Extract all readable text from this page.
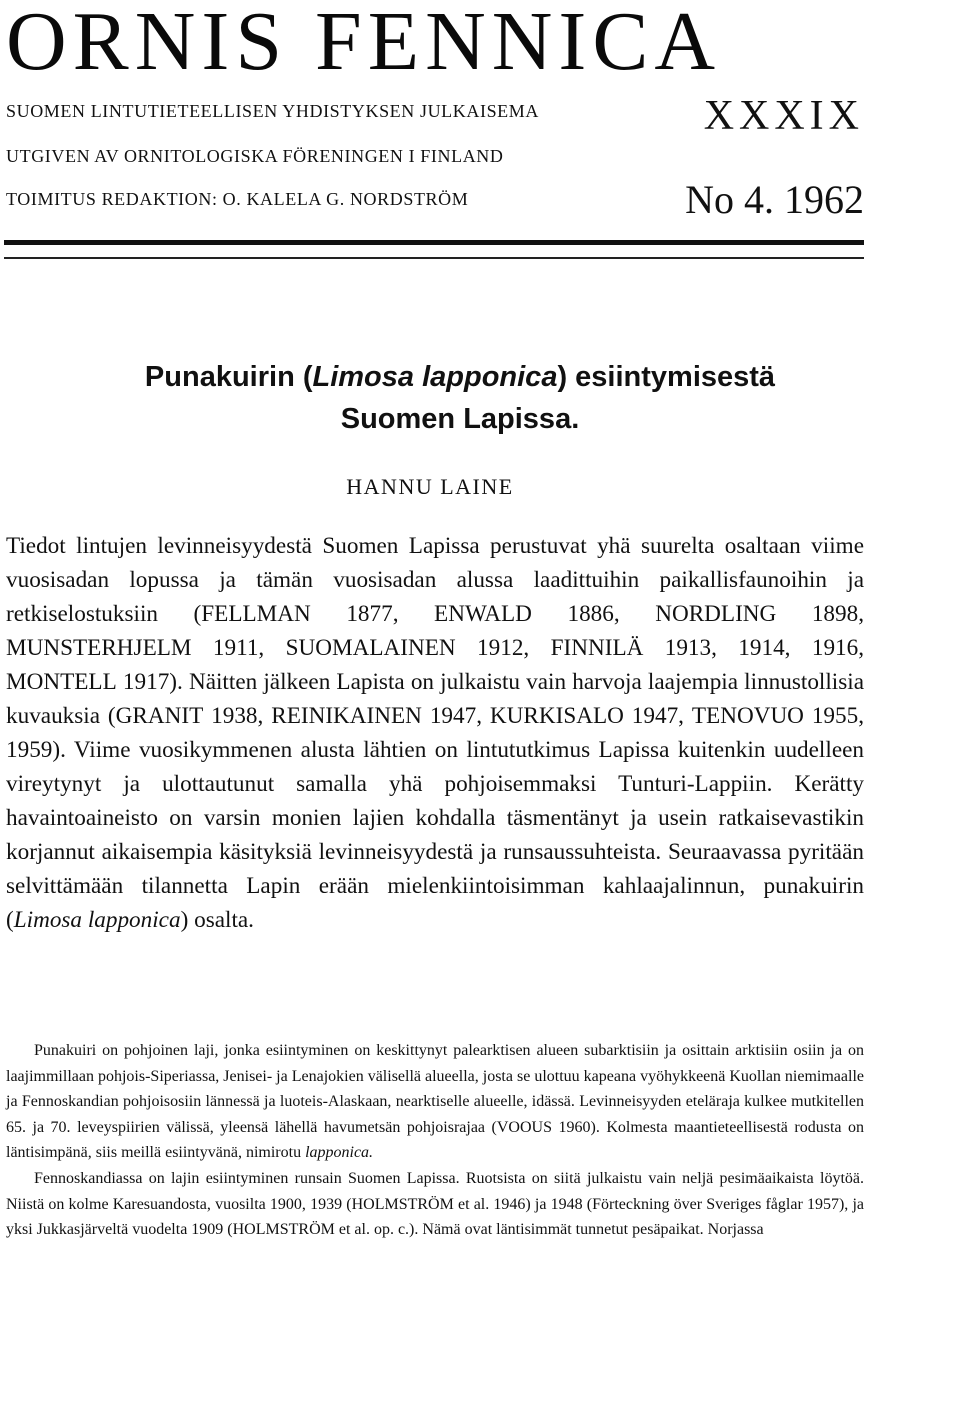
ORNIS FENNICA
SUOMEN LINTUTIETEELLISEN YHDISTYKSEN JULKAISEMA
UTGIVEN AV ORNITOLOGISKA FÖRENINGEN I FINLAND
TOIMITUS REDAKTION: O. KALELA G. NORDSTRÖM
XXXIX
No 4. 1962
Punakuirin (Limosa lapponica) esiintymisestä
Suomen Lapissa.
HANNU LAINE

Tiedot lintujen levinneisyydestä Suomen Lapissa perustuvat yhä suurelta osaltaan viime vuosisadan lopussa ja tämän vuosisadan alussa laadittuihin paikallisfaunoihin ja retkiselostuksiin (FELLMAN 1877, ENWALD 1886, NORDLING 1898, MUNSTERHJELM 1911, SUOMALAINEN 1912, FINNILÄ 1913, 1914, 1916, MONTELL 1917). Näitten jälkeen Lapista on julkaistu vain harvoja laajempia linnustollisia kuvauksia (GRANIT 1938, REINIKAINEN 1947, KURKISALO 1947, TENOVUO 1955, 1959). Viime vuosikymmenen alusta lähtien on lintututkimus Lapissa kuitenkin uudelleen vireytynyt ja ulottautunut samalla yhä pohjoisemmaksi Tunturi-Lappiin. Kerätty havaintoaineisto on varsin monien lajien kohdalla täsmentänyt ja usein ratkaisevastikin korjannut aikaisempia käsityksiä levinneisyydestä ja runsaussuhteista. Seuraavassa pyritään selvittämään tilannetta Lapin erään mielenkiintoisimman kahlaajalinnun, punakuirin (Limosa lapponica) osalta.

Punakuiri on pohjoinen laji, jonka esiintyminen on keskittynyt palearktisen alueen subarktisiin ja osittain arktisiin osiin ja on laajimmillaan pohjois-Siperiassa, Jenisei- ja Lenajokien välisellä alueella, josta se ulottuu kapeana vyöhykkeenä Kuollan niemimaalle ja Fennoskandian pohjoisosiin lännessä ja luoteis-Alaskaan, nearktiselle alueelle, idässä. Levinneisyyden eteläraja kulkee mutkitellen 65. ja 70. leveyspiirien välissä, yleensä lähellä havumetsän pohjoisrajaa (VOOUS 1960). Kolmesta maantieteellisestä rodusta on läntisimpänä, siis meillä esiintyvänä, nimirotu lapponica.

Fennoskandiassa on lajin esiintyminen runsain Suomen Lapissa. Ruotsista on siitä julkaistu vain neljä pesimäaikaista löytöä. Niistä on kolme Karesuandosta, vuosilta 1900, 1939 (HOLMSTRÖM et al. 1946) ja 1948 (Förteckning över Sveriges fåglar 1957), ja yksi Jukkasjärveltä vuodelta 1909 (HOLMSTRÖM et al. op. c.). Nämä ovat läntisimmät tunnetut pesäpaikat. Norjassa
